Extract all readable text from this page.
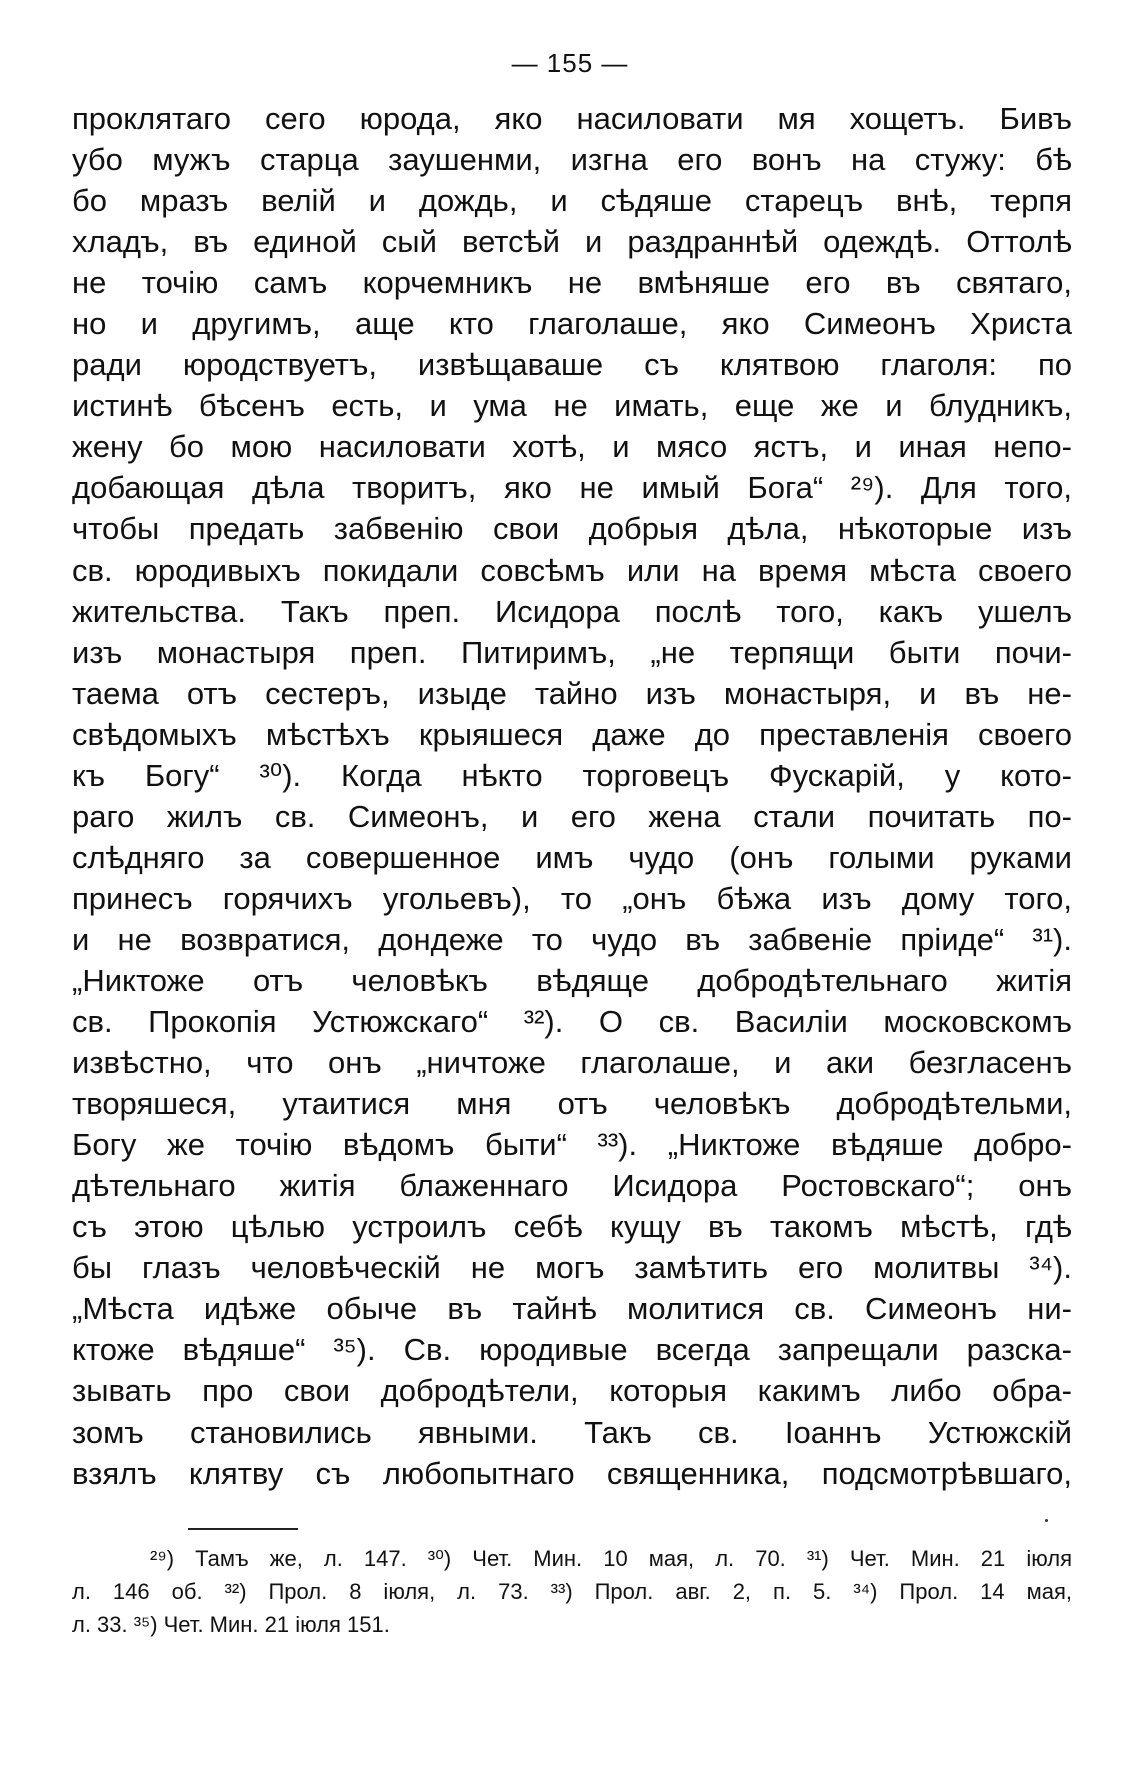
— 155 —
проклятаго сего юрода, яко насиловати мя хощетъ. Бивъ
убо мужъ старца заушенми, изгна его вонъ на стужу: бѣ
бо мразъ велій и дождь, и сѣдяше старецъ внѣ, терпя
хладъ, въ единой сый ветсѣй и раздраннѣй одеждѣ. Оттолѣ
не точію самъ корчемникъ не вмѣняше его въ святаго,
но и другимъ, аще кто глаголаше, яко Симеонъ Христа
ради юродствуетъ, извѣщаваше съ клятвою глаголя: по
истинѣ бѣсенъ есть, и ума не имать, еще же и блудникъ,
жену бо мою насиловати хотѣ, и мясо ястъ, и иная непо-
добающая дѣла творитъ, яко не имый Бога“ ²⁹). Для того,
чтобы предать забвенію свои добрыя дѣла, нѣкоторые изъ
св. юродивыхъ покидали совсѣмъ или на время мѣста своего
жительства. Такъ преп. Исидора послѣ того, какъ ушелъ
изъ монастыря преп. Питиримъ, „не терпящи быти почи-
таема отъ сестеръ, изыде тайно изъ монастыря, и въ не-
свѣдомыхъ мѣстѣхъ крыяшеся даже до преставленія своего
къ Богу“ ³⁰). Когда нѣкто торговецъ Фускарій, у кото-
раго жилъ св. Симеонъ, и его жена стали почитать по-
слѣдняго за совершенное имъ чудо (онъ голыми руками
принесъ горячихъ угольевъ), то „онъ бѣжа изъ дому того,
и не возвратися, дондеже то чудо въ забвеніе пріиде“ ³¹).
„Никтоже отъ человѣкъ вѣдяще добродѣтельнаго житія
св. Прокопія Устюжскаго“ ³²). О св. Василіи московскомъ
извѣстно, что онъ „ничтоже глаголаше, и аки безгласенъ
творяшеся, утаитися мня отъ человѣкъ добродѣтельми,
Богу же точію вѣдомъ быти“ ³³). „Никтоже вѣдяше добро-
дѣтельнаго житія блаженнаго Исидора Ростовскаго“; онъ
съ этою цѣлью устроилъ себѣ кущу въ такомъ мѣстѣ, гдѣ
бы глазъ человѣческій не могъ замѣтить его молитвы ³⁴).
„Мѣста идѣже обыче въ тайнѣ молитися св. Симеонъ ни-
ктоже вѣдяше“ ³⁵). Св. юродивые всегда запрещали разска-
зывать про свои добродѣтели, которыя какимъ либо обра-
зомъ становились явными. Такъ св. Іоаннъ Устюжскій
взялъ клятву съ любопытнаго священника, подсмотрѣвшаго,
²⁹) Тамъ же, л. 147. ³⁰) Чет. Мин. 10 мая, л. 70. ³¹) Чет. Мин. 21 іюля
л. 146 об. ³²) Прол. 8 іюля, л. 73. ³³) Прол. авг. 2, п. 5. ³⁴) Прол. 14 мая,
л. 33. ³⁵) Чет. Мин. 21 іюля 151.
